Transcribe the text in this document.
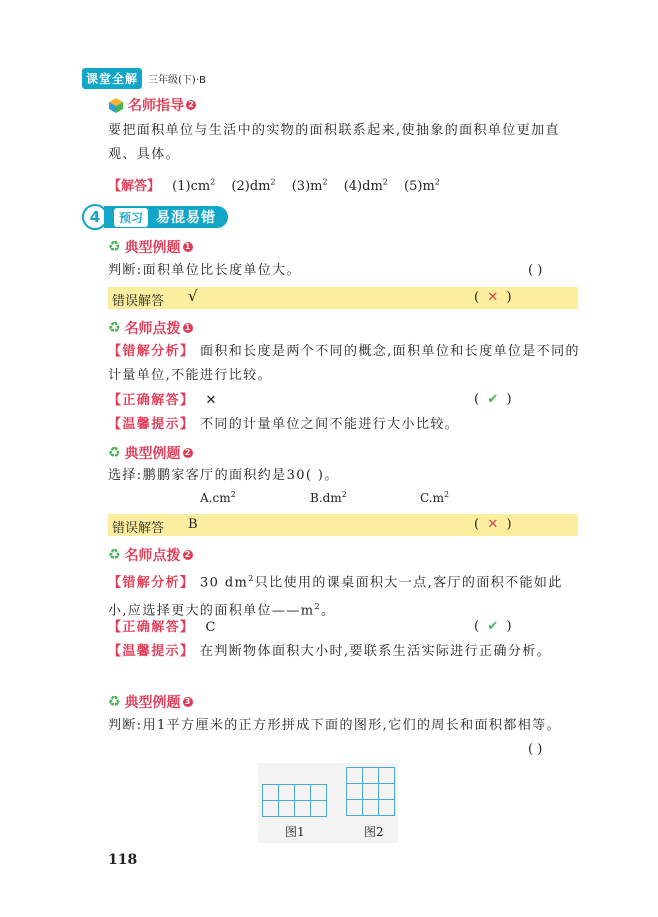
课堂全解	三年级(下)·B
名师指导 2
要把面积单位与生活中的实物的面积联系起来,使抽象的面积单位更加直观、具体。
【解答】 $(1)cm^2$ $(2)dm^2$ $(3)m^2$ $(4)dm^2$ $(5)m^2$
4	预习 易混易错
♻ 典型例题 1
判断:面积单位比长度单位大。	( )
错误解答 √	(  ✕  )
♻ 名师点拨 1
【错解分析】 面积和长度是两个不同的概念,面积单位和长度单位是不同的计量单位,不能进行比较。
【正确解答】 ✕	(  ✔  )
【温馨提示】 不同的计量单位之间不能进行大小比较。
♻ 典型例题 2
选择:鹏鹏家客厅的面积约是30( )。
$A.cm^2$	$B.dm^2$	$C.m^2$
错误解答 B	(  ✕  )
♻ 名师点拨 2
【错解分析】 30 $dm^2$只比使用的课桌面积大一点,客厅的面积不能如此小,应选择更大的面积单位$——m^2$。
【正确解答】 C	(  ✔  )
【温馨提示】 在判断物体面积大小时,要联系生活实际进行正确分析。
♻ 典型例题 3
判断:用1平方厘米的正方形拼成下面的图形,它们的周长和面积都相等。
( )

图1	图2
118
